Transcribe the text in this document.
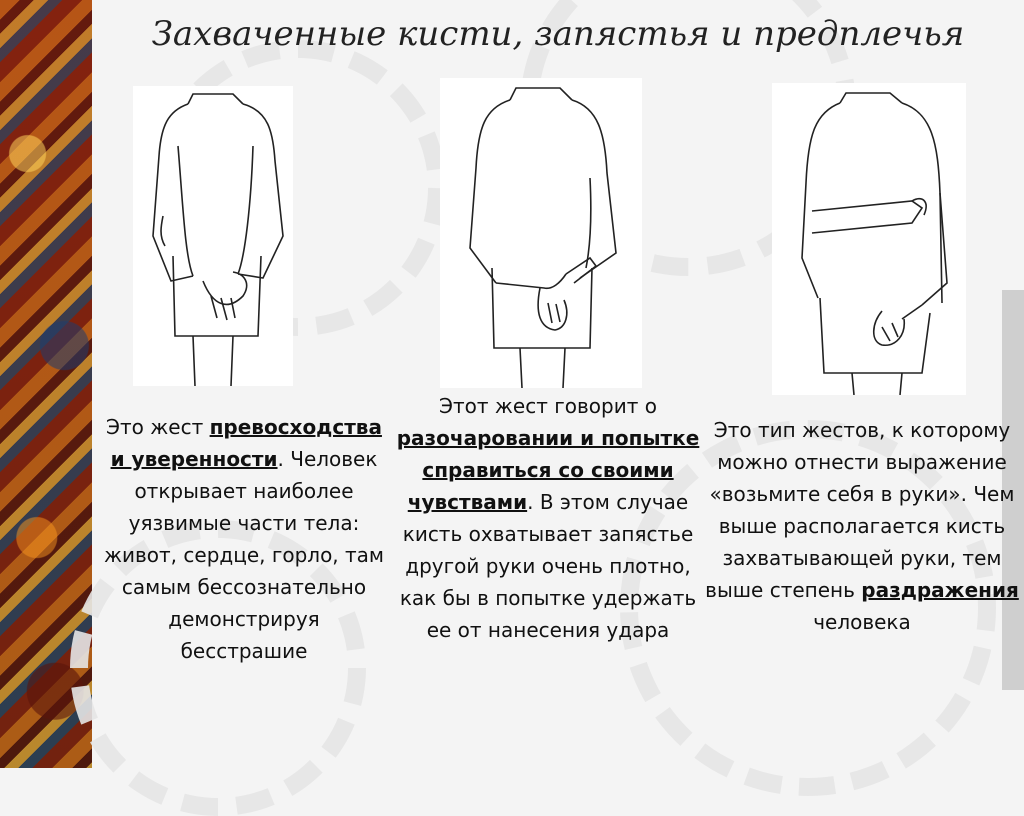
Захваченные кисти, запястья и предплечья
Это жест превосходства и уверенности. Человек открывает наиболее уязвимые части тела: живот, сердце, горло, там самым бессознательно демонстрируя бесстрашие
Этот жест говорит о разочаровании и попытке справиться со своими чувствами. В этом случае кисть охватывает запястье другой руки очень плотно, как бы в попытке удержать ее от нанесения удара
Это тип жестов, к которому можно отнести выражение «возьмите себя в руки». Чем выше располагается кисть захватывающей руки, тем выше степень раздражения человека
